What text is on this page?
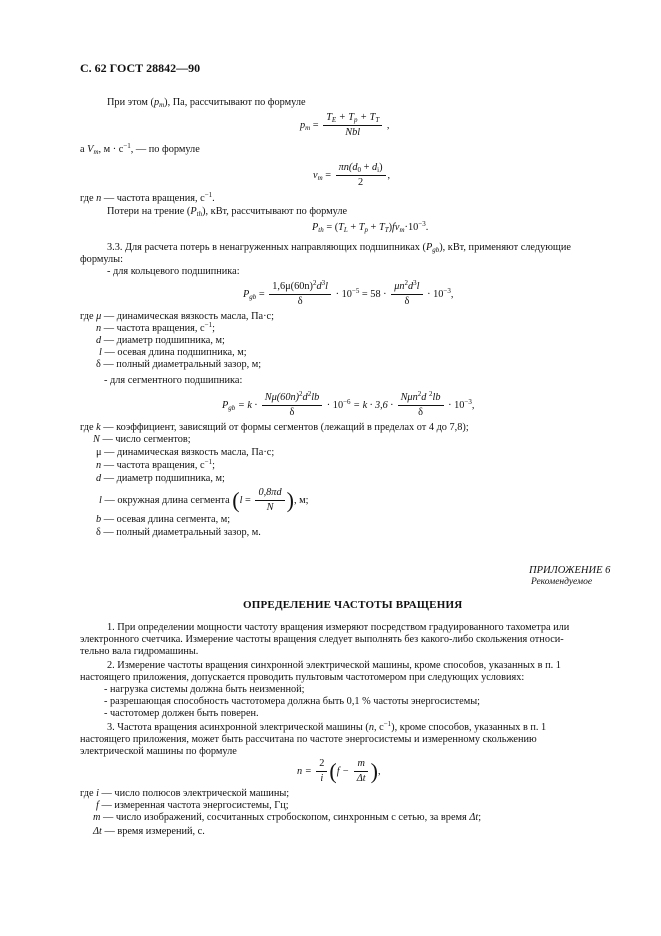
С. 62 ГОСТ 28842—90
При этом $(p_m)$, Па, рассчитывают по формуле
$p_m = \frac{T_E + T_p + T_T}{\text{Nbl}}$ ,
а $V_m$, $м \cdot с^{-1}$, — по формуле
$v_m = \frac{\pi n(d_0 + d_i)}{2}$ ,
где n — частота вращения, $с^{-1}$.
Потери на трение $(P_{th})$, кВт, рассчитывают по формуле
$P_{th} = (T_L + T_p + T_T)fv_m\cdot 10^{-3}$.
3.3. Для расчета потерь в ненагруженных направляющих подшипниках $(P_{gb})$, кВт, применяют следующие
формулы:
- для кольцевого подшипника:
$P_{gb} = \frac{1,6\mu(60n)^2d^3l}{\delta} \cdot 10^{-5} = 58 \cdot \frac{\mu n^2d^3l}{\delta} \cdot 10^{-3}$,
где μ — динамическая вязкость масла, Па·с;
n — частота вращения, $с^{-1}$;
d — диаметр подшипника, м;
l — осевая длина подшипника, м;
δ — полный диаметральный зазор, м;
- для сегментного подшипника:
$P_{gb} = k \cdot \frac{N\mu(60n)^2d^2lb}{\delta} \cdot 10^{-6} = k \cdot 3,6 \cdot \frac{N\mu n^2d ^2lb}{\delta} \cdot 10^{-3}$,
где k — коэффициент, зависящий от формы сегментов (лежащий в пределах от 4 до 7,8);
N — число сегментов;
μ — динамическая вязкость масла, Па·с;
n — частота вращения, $с^{-1}$;
d — диаметр подшипника, м;
l — окружная длина сегмента ($l = \frac{0,8\pi d}{N}$ ), м;
b — осевая длина сегмента, м;
δ — полный диаметральный зазор, м.
ПРИЛОЖЕНИЕ 6
Рекомендуемое
ОПРЕДЕЛЕНИЕ ЧАСТОТЫ ВРАЩЕНИЯ
1. При определении мощности частоту вращения измеряют посредством градуированного тахометра или
электронного счетчика. Измерение частоты вращения следует выполнять без какого-либо скольжения относи-
тельно вала гидромашины.
2. Измерение частоты вращения синхронной электрической машины, кроме способов, указанных в п. 1
настоящего приложения, допускается проводить пультовым частотомером при следующих условиях:
- нагрузка системы должна быть неизменной;
- разрешающая способность частотомера должна быть 0,1 % частоты энергосистемы;
- частотомер должен быть поверен.
3. Частота вращения асинхронной электрической машины (n, $с^{-1}$), кроме способов, указанных в п. 1
настоящего приложения, может быть рассчитана по частоте энергосистемы и измеренному скольжению
электрической машины по формуле
$n = \frac{2}{i} (f - \frac{m}{\Delta t}$ ),
где i — число полюсов электрической машины;
f — измеренная частота энергосистемы, Гц;
m — число изображений, сосчитанных стробоскопом, синхронным с сетью, за время Δt;
Δt — время измерений, с.
